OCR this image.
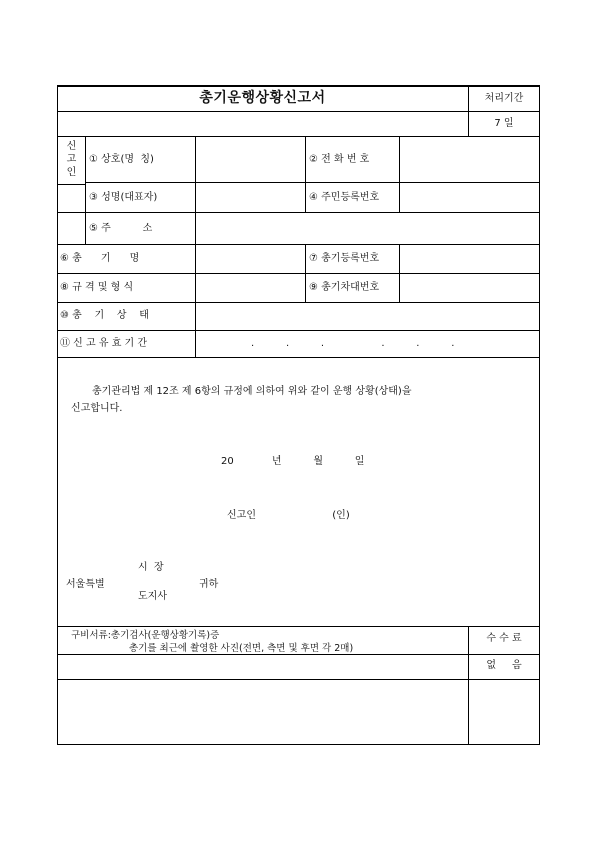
총기운행상황신고서	처리기간
7 일
신
고
인
① 상호(명  칭)	② 전 화 번 호
③ 성명(대표자)	④ 주민등록번호
⑤ 주          소
⑥ 총      기      명	⑦ 총기등록번호
⑧ 규 격 및 형 식	⑨ 총기차대번호
⑩ 총    기    상    태
⑪ 신 고 유 효 기 간	.          .          .                  .          .          .
총기관리법 제 12조 제 6항의 규정에 의하여 위와 같이 운행 상황(상태)을
신고합니다.
20            년          월          일
신고인                        (인)
시  장
서울특별	귀하
도지사
구비서류:총기검사(운행상황기록)증
총기를 최근에 촬영한 사진(전면, 측면 및 후면 각 2매)
수 수 료
없     음
